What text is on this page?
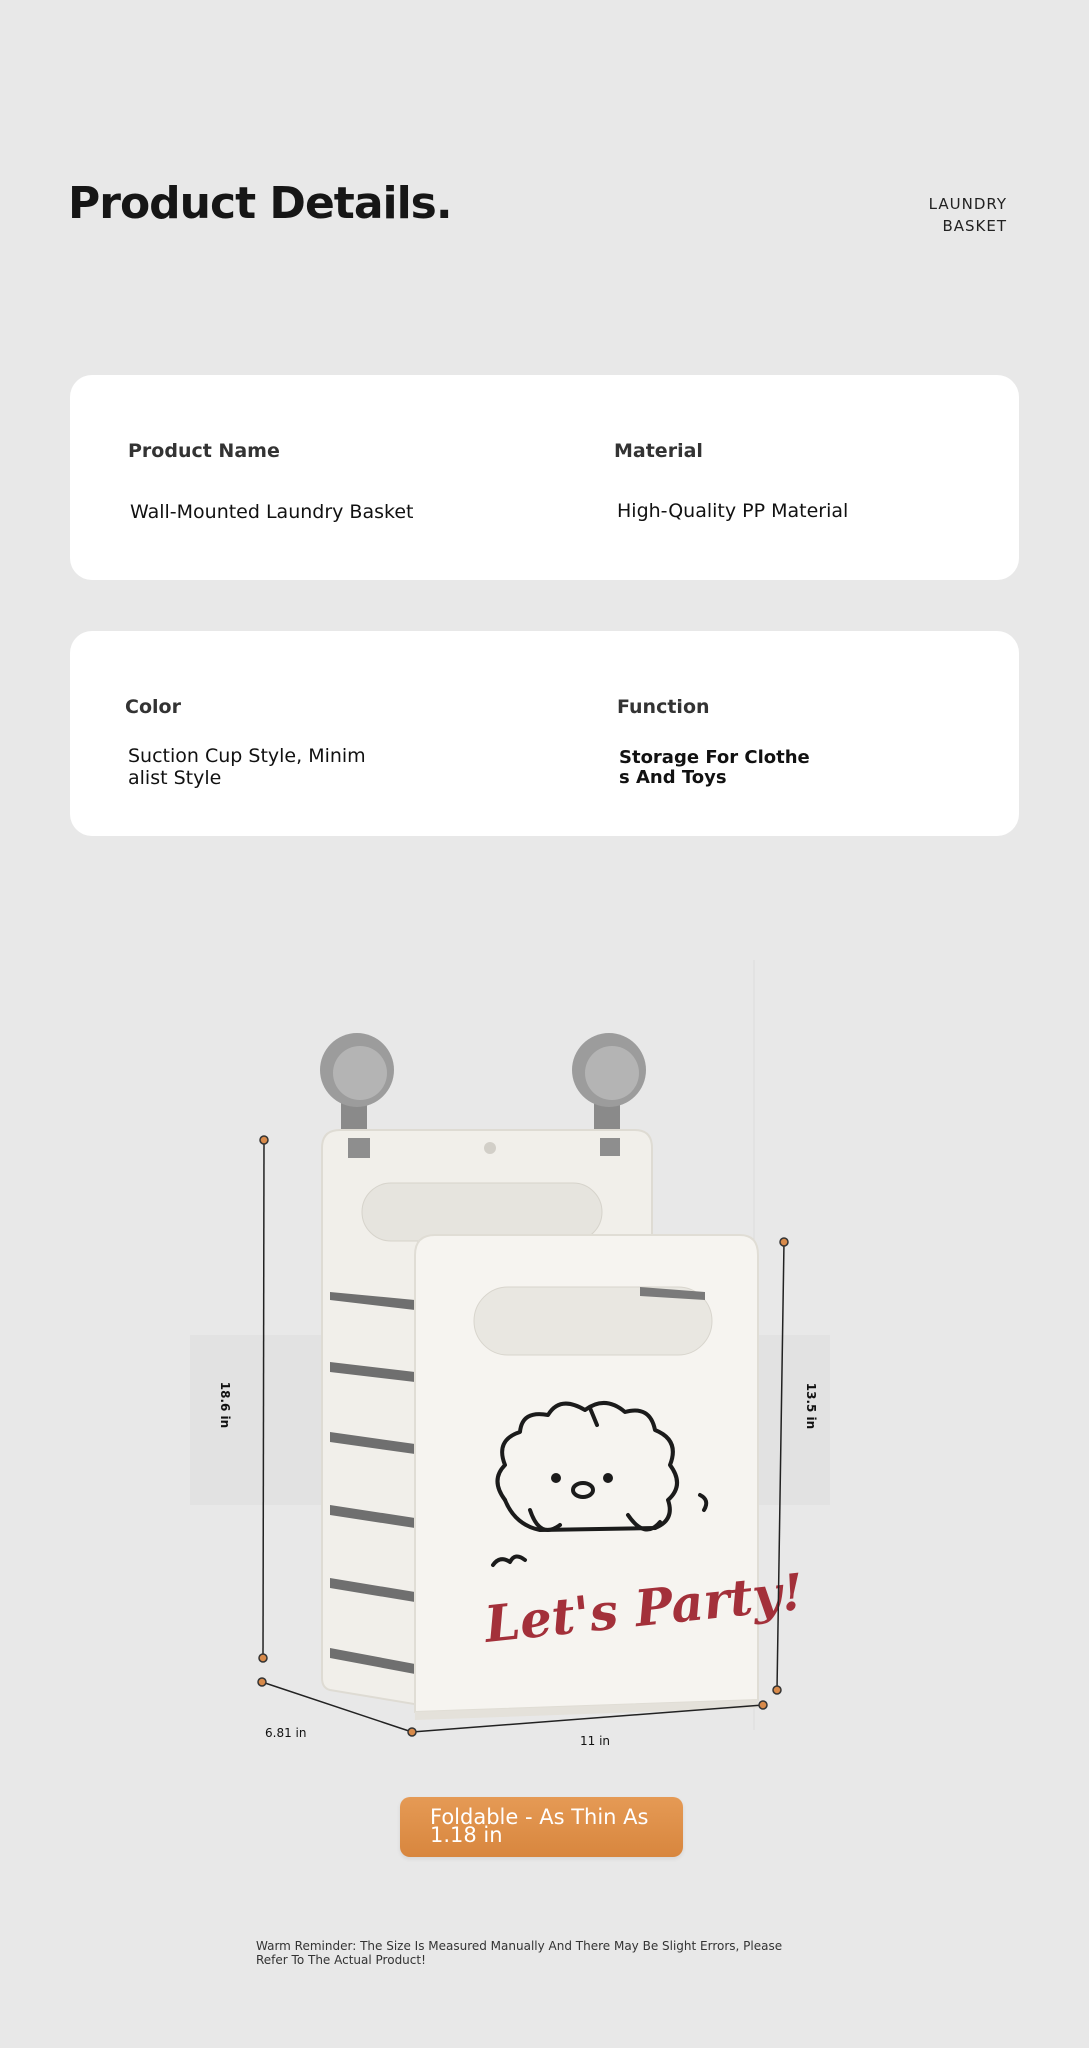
Product Details.	LAUNDRY
BASKET
Product Name
Wall-Mounted Laundry Basket
Material
High-Quality PP Material
Color
Suction Cup Style, Minim
alist Style
Function
Storage For Clothe
s And Toys
Let's Party!
18.6 in	13.5 in
6.81 in
11 in
Foldable - As Thin As
1.18 in
Warm Reminder: The Size Is Measured Manually And There May Be Slight Errors, Please Refer To The Actual Product!
